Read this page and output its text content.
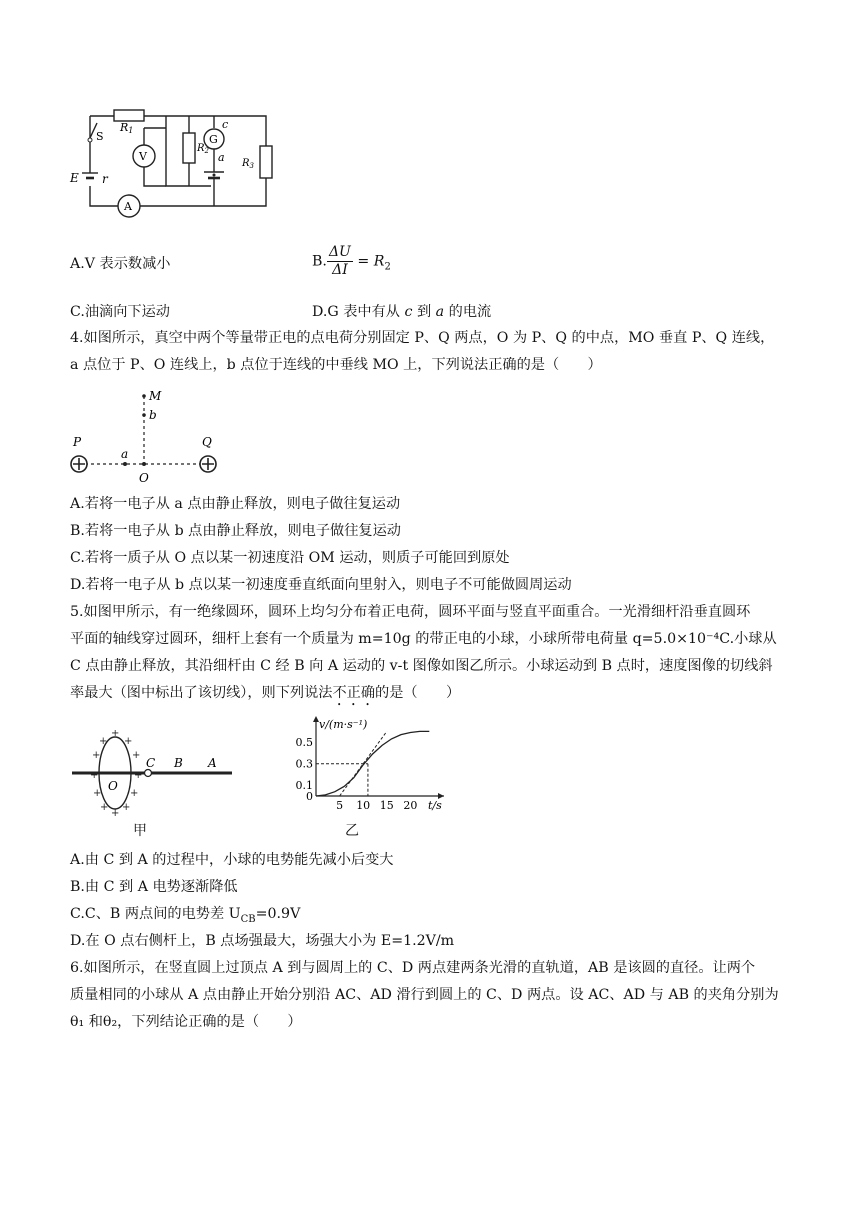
R1
S
E r
V
A
$R_2$
G
c
a $R_3$
A.V 表示数减小	B. $\frac{\Delta U}{\Delta I} = R_2$
C.油滴向下运动	D.G 表中有从 c 到 a 的电流
4.如图所示，真空中两个等量带正电的点电荷分别固定 P、Q 两点，O 为 P、Q 的中点，MO 垂直 P、Q 连线，
a 点位于 P、O 连线上，b 点位于连线的中垂线 MO 上，下列说法正确的是（　　）
M
b
P	Q
a
O
A.若将一电子从 a 点由静止释放，则电子做往复运动
B.若将一电子从 b 点由静止释放，则电子做往复运动
C.若将一质子从 O 点以某一初速度沿 OM 运动，则质子可能回到原处
D.若将一电子从 b 点以某一初速度垂直纸面向里射入，则电子不可能做圆周运动
5.如图甲所示，有一绝缘圆环，圆环上均匀分布着正电荷，圆环平面与竖直平面重合。一光滑细杆沿垂直圆环
平面的轴线穿过圆环，细杆上套有一个质量为 m=10g 的带正电的小球，小球所带电荷量 q=5.0×10⁻⁴C.小球从
C 点由静止释放，其沿细杆由 C 经 B 向 A 运动的 v-t 图像如图乙所示。小球运动到 B 点时，速度图像的切线斜
率最大（图中标出了该切线），则下列说法不正确的是（　　）
+
+ +
+	+
+	+
+	+
+ +
+
O
C B A
甲
v/(m·s⁻¹)
t/s
0
0.1
0.3
0.5
5 10 15 20
乙
A.由 C 到 A 的过程中，小球的电势能先减小后变大
B.由 C 到 A 电势逐渐降低
C.C、B 两点间的电势差 $U_{CB}=0.9V$
D.在 O 点右侧杆上，B 点场强最大，场强大小为 E=1.2V/m
6.如图所示，在竖直圆上过顶点 A 到与圆周上的 C、D 两点建两条光滑的直轨道，AB 是该圆的直径。让两个
质量相同的小球从 A 点由静止开始分别沿 AC、AD 滑行到圆上的 C、D 两点。设 AC、AD 与 AB 的夹角分别为
θ₁ 和θ₂，下列结论正确的是（　　）
